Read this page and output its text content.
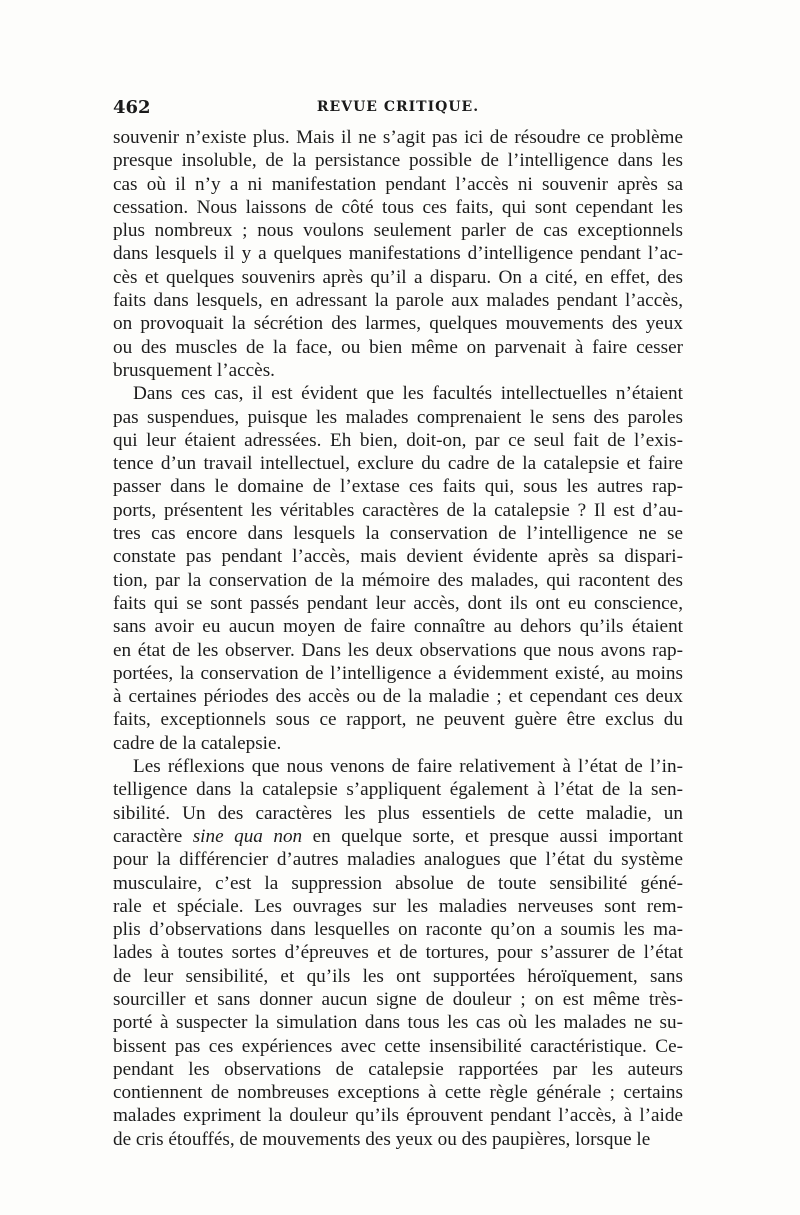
462	REVUE CRITIQUE.
souvenir n’existe plus. Mais il ne s’agit pas ici de résoudre ce problème
presque insoluble, de la persistance possible de l’intelligence dans les
cas où il n’y a ni manifestation pendant l’accès ni souvenir après sa
cessation. Nous laissons de côté tous ces faits, qui sont cependant les
plus nombreux ; nous voulons seulement parler de cas exceptionnels
dans lesquels il y a quelques manifestations d’intelligence pendant l’ac-
cès et quelques souvenirs après qu’il a disparu. On a cité, en effet, des
faits dans lesquels, en adressant la parole aux malades pendant l’accès,
on provoquait la sécrétion des larmes, quelques mouvements des yeux
ou des muscles de la face, ou bien même on parvenait à faire cesser
brusquement l’accès.
Dans ces cas, il est évident que les facultés intellectuelles n’étaient
pas suspendues, puisque les malades comprenaient le sens des paroles
qui leur étaient adressées. Eh bien, doit-on, par ce seul fait de l’exis-
tence d’un travail intellectuel, exclure du cadre de la catalepsie et faire
passer dans le domaine de l’extase ces faits qui, sous les autres rap-
ports, présentent les véritables caractères de la catalepsie ? Il est d’au-
tres cas encore dans lesquels la conservation de l’intelligence ne se
constate pas pendant l’accès, mais devient évidente après sa dispari-
tion, par la conservation de la mémoire des malades, qui racontent des
faits qui se sont passés pendant leur accès, dont ils ont eu conscience,
sans avoir eu aucun moyen de faire connaître au dehors qu’ils étaient
en état de les observer. Dans les deux observations que nous avons rap-
portées, la conservation de l’intelligence a évidemment existé, au moins
à certaines périodes des accès ou de la maladie ; et cependant ces deux
faits, exceptionnels sous ce rapport, ne peuvent guère être exclus du
cadre de la catalepsie.
Les réflexions que nous venons de faire relativement à l’état de l’in-
telligence dans la catalepsie s’appliquent également à l’état de la sen-
sibilité. Un des caractères les plus essentiels de cette maladie, un
caractère sine qua non en quelque sorte, et presque aussi important
pour la différencier d’autres maladies analogues que l’état du système
musculaire, c’est la suppression absolue de toute sensibilité géné-
rale et spéciale. Les ouvrages sur les maladies nerveuses sont rem-
plis d’observations dans lesquelles on raconte qu’on a soumis les ma-
lades à toutes sortes d’épreuves et de tortures, pour s’assurer de l’état
de leur sensibilité, et qu’ils les ont supportées héroïquement, sans
sourciller et sans donner aucun signe de douleur ; on est même très-
porté à suspecter la simulation dans tous les cas où les malades ne su-
bissent pas ces expériences avec cette insensibilité caractéristique. Ce-
pendant les observations de catalepsie rapportées par les auteurs
contiennent de nombreuses exceptions à cette règle générale ; certains
malades expriment la douleur qu’ils éprouvent pendant l’accès, à l’aide
de cris étouffés, de mouvements des yeux ou des paupières, lorsque le
